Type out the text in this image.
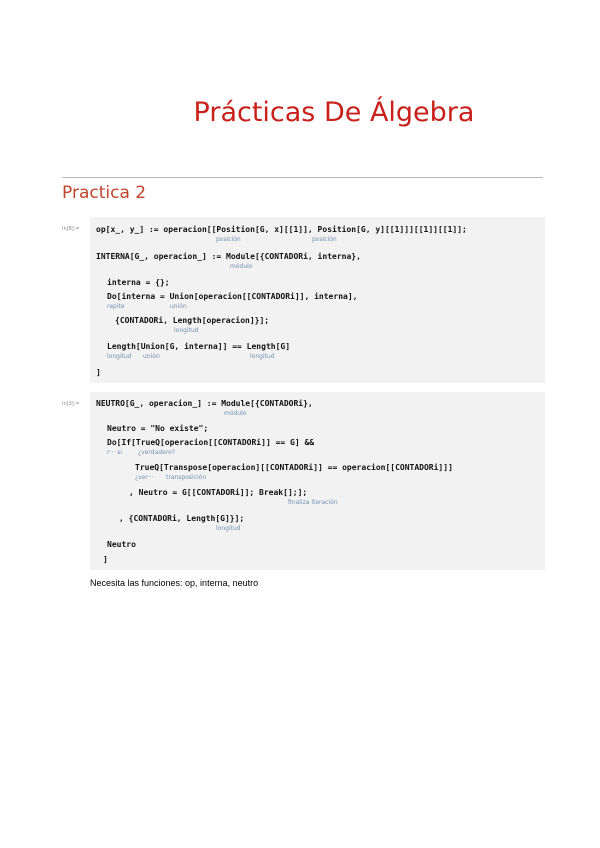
Prácticas De Álgebra
Practica 2
In[8]:= op[x_, y_] := operacion[[Position[G, x][[1]], Position[G, y][[1]]][[1]][[1]];
posición	posición
INTERNA[G_, operacion_] := Module[{CONTADORi, interna},
módulo
interna = {};
Do[interna = Union[operacion[[CONTADORi]], interna],
repite	unión
{CONTADORi, Length[operacion]}];
longitud
Length[Union[G, interna]] == Length[G]
longitud unión	longitud
]
In[3]:= NEUTRO[G_, operacion_] := Module[{CONTADORi},
módulo
Neutro = "No existe";
Do[If[TrueQ[operacion[[CONTADORi]] == G] &&
r··· si	¿verdadero?
TrueQ[Transpose[operacion][[CONTADORi]] == operacion[[CONTADORi]]]
¿ver··· transposición
, Neutro = G[[CONTADORi]]; Break[];];
finaliza iteración
, {CONTADORi, Length[G]}];
longitud
Neutro
]
Necesita las funciones: op, interna, neutro
